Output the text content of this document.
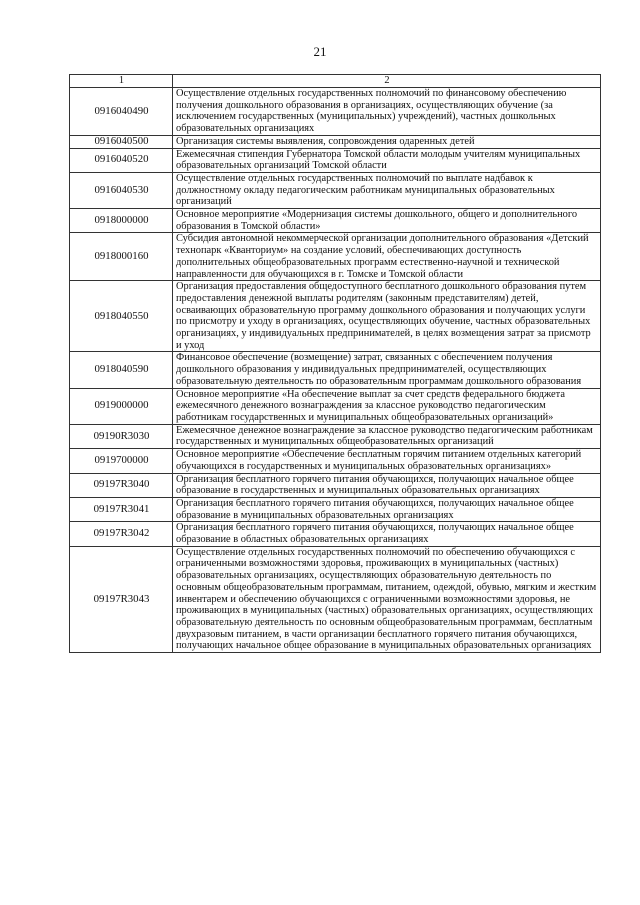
21
1	2
0916040490	Осуществление отдельных государственных полномочий по финансовому обеспечению получения дошкольного образования в организациях, осуществляющих обучение (за исключением государственных (муниципальных) учреждений), частных дошкольных образовательных организациях
0916040500	Организация системы выявления, сопровождения одаренных детей
0916040520	Ежемесячная стипендия Губернатора Томской области молодым учителям муниципальных образовательных организаций Томской области
0916040530	Осуществление отдельных государственных полномочий по выплате надбавок к должностному окладу педагогическим работникам муниципальных образовательных организаций
0918000000	Основное мероприятие «Модернизация системы дошкольного, общего и дополнительного образования в Томской области»
0918000160	Субсидия автономной некоммерческой организации дополнительного образования «Детский технопарк «Кванториум» на создание условий, обеспечивающих доступность дополнительных общеобразовательных программ естественно-научной и технической направленности для обучающихся в г. Томске и Томской области
0918040550	Организация предоставления общедоступного бесплатного дошкольного образования путем предоставления денежной выплаты родителям (законным представителям) детей, осваивающих образовательную программу дошкольного образования и получающих услуги по присмотру и уходу в организациях, осуществляющих обучение, частных образовательных организациях, у индивидуальных предпринимателей, в целях возмещения затрат за присмотр и уход
0918040590	Финансовое обеспечение (возмещение) затрат, связанных с обеспечением получения дошкольного образования у индивидуальных предпринимателей, осуществляющих образовательную деятельность по образовательным программам дошкольного образования
0919000000	Основное мероприятие «На обеспечение выплат за счет средств федерального бюджета ежемесячного денежного вознаграждения за классное руководство педагогическим работникам государственных и муниципальных общеобразовательных организаций»
09190R3030	Ежемесячное денежное вознаграждение за классное руководство педагогическим работникам государственных и муниципальных общеобразовательных организаций
0919700000	Основное мероприятие «Обеспечение бесплатным горячим питанием отдельных категорий обучающихся в государственных и муниципальных образовательных организациях»
09197R3040	Организация бесплатного горячего питания обучающихся, получающих начальное общее образование в государственных и муниципальных образовательных организациях
09197R3041	Организация бесплатного горячего питания обучающихся, получающих начальное общее образование в муниципальных образовательных организациях
09197R3042	Организация бесплатного горячего питания обучающихся, получающих начальное общее образование в областных образовательных организациях
09197R3043	Осуществление отдельных государственных полномочий по обеспечению обучающихся с ограниченными возможностями здоровья, проживающих в муниципальных (частных) образовательных организациях, осуществляющих образовательную деятельность по основным общеобразовательным программам, питанием, одеждой, обувью, мягким и жестким инвентарем и обеспечению обучающихся с ограниченными возможностями здоровья, не проживающих в муниципальных (частных) образовательных организациях, осуществляющих образовательную деятельность по основным общеобразовательным программам, бесплатным двухразовым питанием, в части организации бесплатного горячего питания обучающихся, получающих начальное общее образование в муниципальных образовательных организациях
